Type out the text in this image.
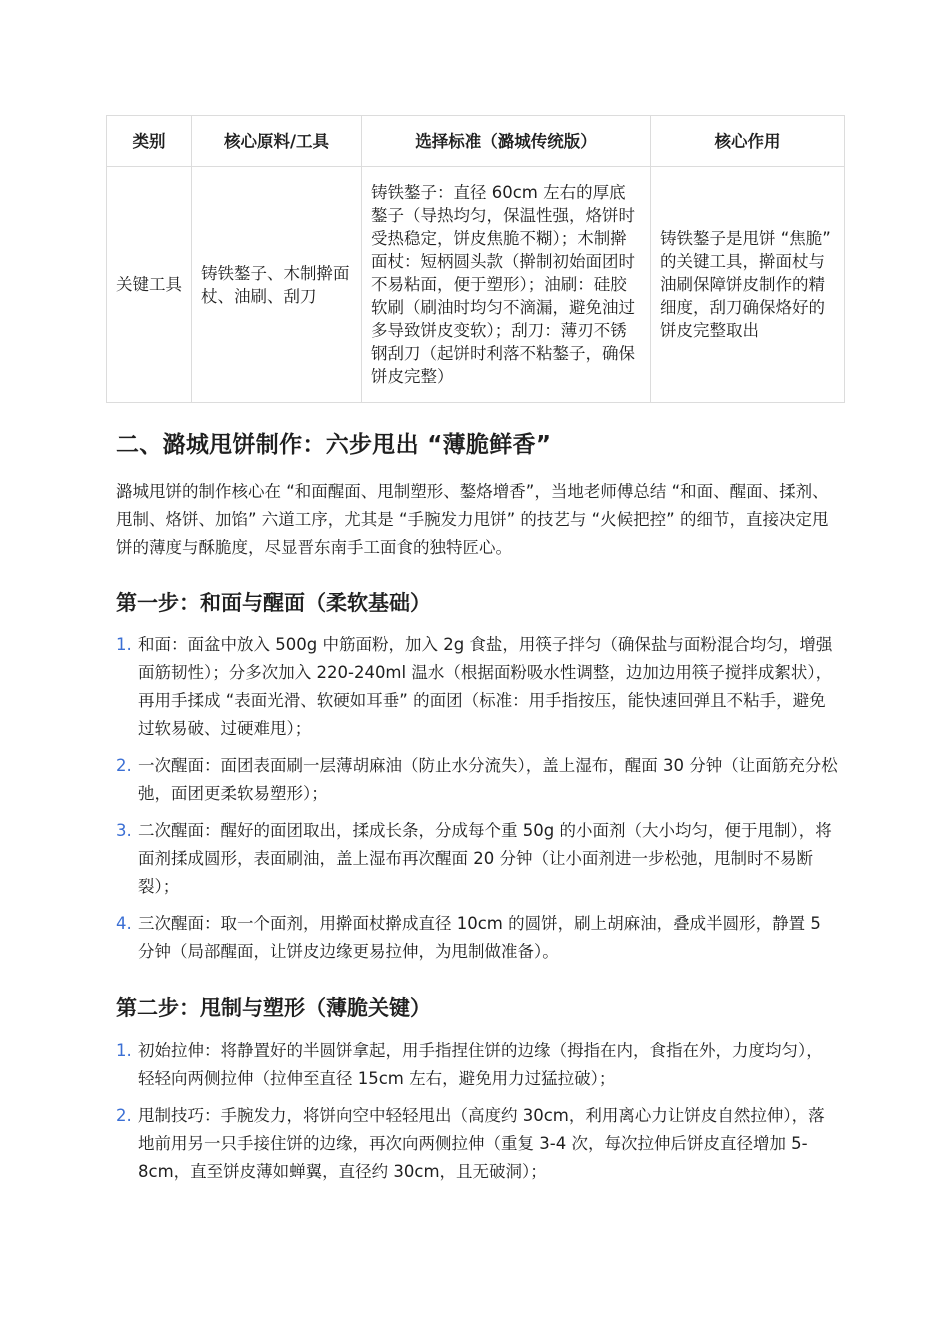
类别	核心原料/工具	选择标准（潞城传统版）	核心作用
关键工具	铸铁鏊子、木制擀面杖、油刷、刮刀	铸铁鏊子：直径 60cm 左右的厚底鏊子（导热均匀，保温性强，烙饼时受热稳定，饼皮焦脆不糊）；木制擀面杖：短柄圆头款（擀制初始面团时不易粘面，便于塑形）；油刷：硅胶软刷（刷油时均匀不滴漏，避免油过多导致饼皮变软）；刮刀：薄刃不锈钢刮刀（起饼时利落不粘鏊子，确保饼皮完整）	铸铁鏊子是甩饼 “焦脆” 的关键工具，擀面杖与油刷保障饼皮制作的精细度，刮刀确保烙好的饼皮完整取出
二、潞城甩饼制作：六步甩出 “薄脆鲜香”

潞城甩饼的制作核心在 “和面醒面、甩制塑形、鏊烙增香”，当地老师傅总结 “和面、醒面、揉剂、甩制、烙饼、加馅” 六道工序，尤其是 “手腕发力甩饼” 的技艺与 “火候把控” 的细节，直接决定甩饼的薄度与酥脆度，尽显晋东南手工面食的独特匠心。

第一步：和面与醒面（柔软基础）
1. 和面：面盆中放入 500g 中筋面粉，加入 2g 食盐，用筷子拌匀（确保盐与面粉混合均匀，增强面筋韧性）；分多次加入 220-240ml 温水（根据面粉吸水性调整，边加边用筷子搅拌成絮状），再用手揉成 “表面光滑、软硬如耳垂” 的面团（标准：用手指按压，能快速回弹且不粘手，避免过软易破、过硬难甩）；
2. 一次醒面：面团表面刷一层薄胡麻油（防止水分流失），盖上湿布，醒面 30 分钟（让面筋充分松弛，面团更柔软易塑形）；
3. 二次醒面：醒好的面团取出，揉成长条，分成每个重 50g 的小面剂（大小均匀，便于甩制），将面剂揉成圆形，表面刷油，盖上湿布再次醒面 20 分钟（让小面剂进一步松弛，甩制时不易断裂）；
4. 三次醒面：取一个面剂，用擀面杖擀成直径 10cm 的圆饼，刷上胡麻油，叠成半圆形，静置 5 分钟（局部醒面，让饼皮边缘更易拉伸，为甩制做准备）。
第二步：甩制与塑形（薄脆关键）
1. 初始拉伸：将静置好的半圆饼拿起，用手指捏住饼的边缘（拇指在内，食指在外，力度均匀），轻轻向两侧拉伸（拉伸至直径 15cm 左右，避免用力过猛拉破）；
2. 甩制技巧：手腕发力，将饼向空中轻轻甩出（高度约 30cm，利用离心力让饼皮自然拉伸），落地前用另一只手接住饼的边缘，再次向两侧拉伸（重复 3-4 次，每次拉伸后饼皮直径增加 5-8cm，直至饼皮薄如蝉翼，直径约 30cm，且无破洞）；
